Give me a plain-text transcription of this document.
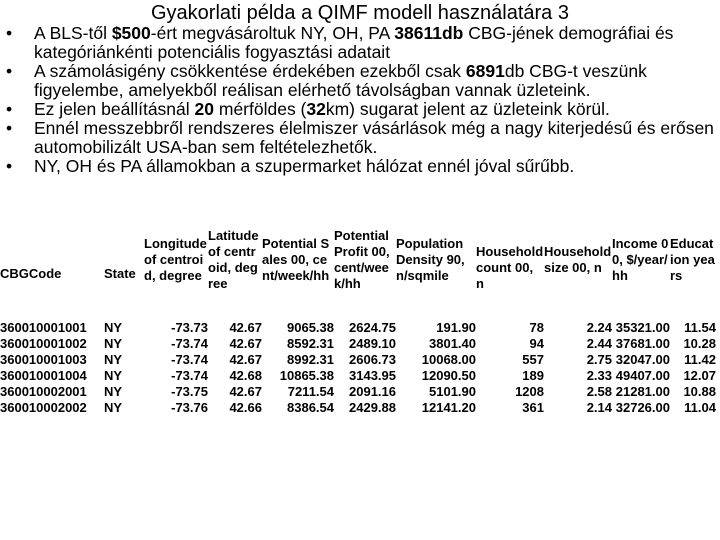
Gyakorlati példa a QIMF modell használatára 3
• A BLS-től $500-ért megvásároltuk NY, OH, PA 38611db CBG-jének demográfiai és kategóriánkénti potenciális fogyasztási adatait
• A számolásigény csökkentése érdekében ezekből csak 6891db CBG-t veszünk figyelembe, amelyekből reálisan elérhető távolságban vannak üzleteink.
• Ez jelen beállításnál 20 mérföldes (32km) sugarat jelent az üzleteink körül.
• Ennél messzebbről rendszeres élelmiszer vásárlások még a nagy kiterjedésű és erősen automobilizált USA-ban sem feltételezhetők.
• NY, OH és PA államokban a szupermarket hálózat ennél jóval sűrűbb.
CBGCode	State	Longitude of centroid, degree	Latitude of centroid, degree	Potential Sales 00, cent/week/hh	Potential Profit 00, cent/week/hh	Population Density 90, n/sqmile	Household count 00, n	Household size 00, n	Income 00, $/year/hh	Education years
360010001001	NY	-73.73	42.67	9065.38	2624.75	191.90	78	2.24	35321.00	11.54
360010001002	NY	-73.74	42.67	8592.31	2489.10	3801.40	94	2.44	37681.00	10.28
360010001003	NY	-73.74	42.67	8992.31	2606.73	10068.00	557	2.75	32047.00	11.42
360010001004	NY	-73.74	42.68	10865.38	3143.95	12090.50	189	2.33	49407.00	12.07
360010002001	NY	-73.75	42.67	7211.54	2091.16	5101.90	1208	2.58	21281.00	10.88
360010002002	NY	-73.76	42.66	8386.54	2429.88	12141.20	361	2.14	32726.00	11.04
